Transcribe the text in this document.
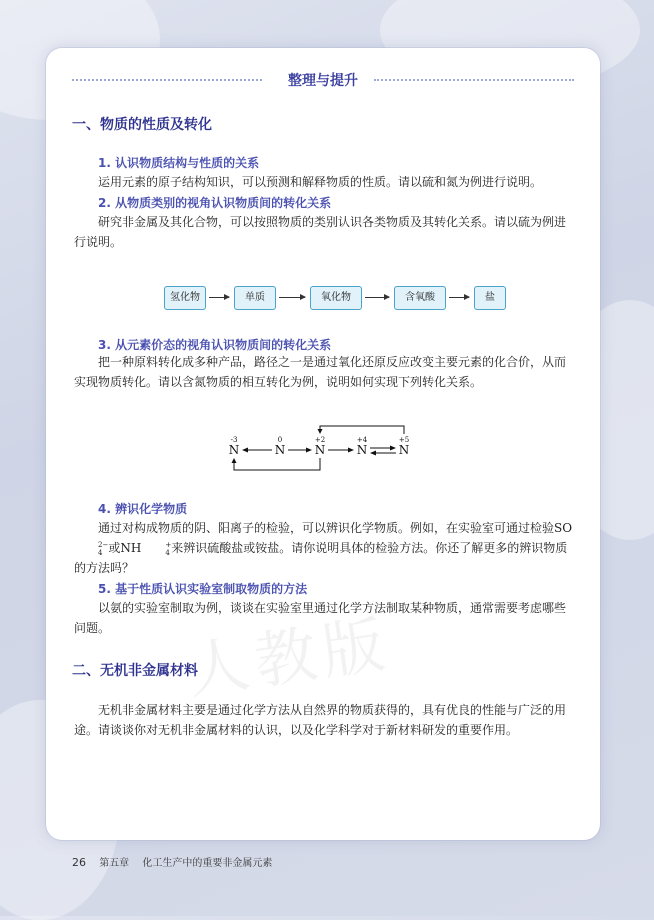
整理与提升
一、物质的性质及转化
1. 认识物质结构与性质的关系
运用元素的原子结构知识，可以预测和解释物质的性质。请以硫和氮为例进行说明。
2. 从物质类别的视角认识物质间的转化关系
研究非金属及其化合物，可以按照物质的类别认识各类物质及其转化关系。请以硫为例进行说明。
氢化物	单质	氧化物	含氧酸	盐
3. 从元素价态的视角认识物质间的转化关系
把一种原料转化成多种产品，路径之一是通过氧化还原反应改变主要元素的化合价，从而实现物质转化。请以含氮物质的相互转化为例，说明如何实现下列转化关系。
-3	0	+2	+4	+5
N	N N	N	N
4. 辨识化学物质
通过对构成物质的阴、阳离子的检验，可以辨识化学物质。例如，在实验室可通过检验SO
2−
4 或NH	+
4 来辨识硫酸盐或铵盐。请你说明具体的检验方法。你还了解更多的辨识物质的方法吗？
5. 基于性质认识实验室制取物质的方法
以氨的实验室制取为例，谈谈在实验室里通过化学方法制取某种物质，通常需要考虑哪些问题。
二、无机非金属材料
无机非金属材料主要是通过化学方法从自然界的物质获得的，具有优良的性能与广泛的用途。请谈谈你对无机非金属材料的认识，以及化学科学对于新材料研发的重要作用。
人教版
26 第五章 化工生产中的重要非金属元素
